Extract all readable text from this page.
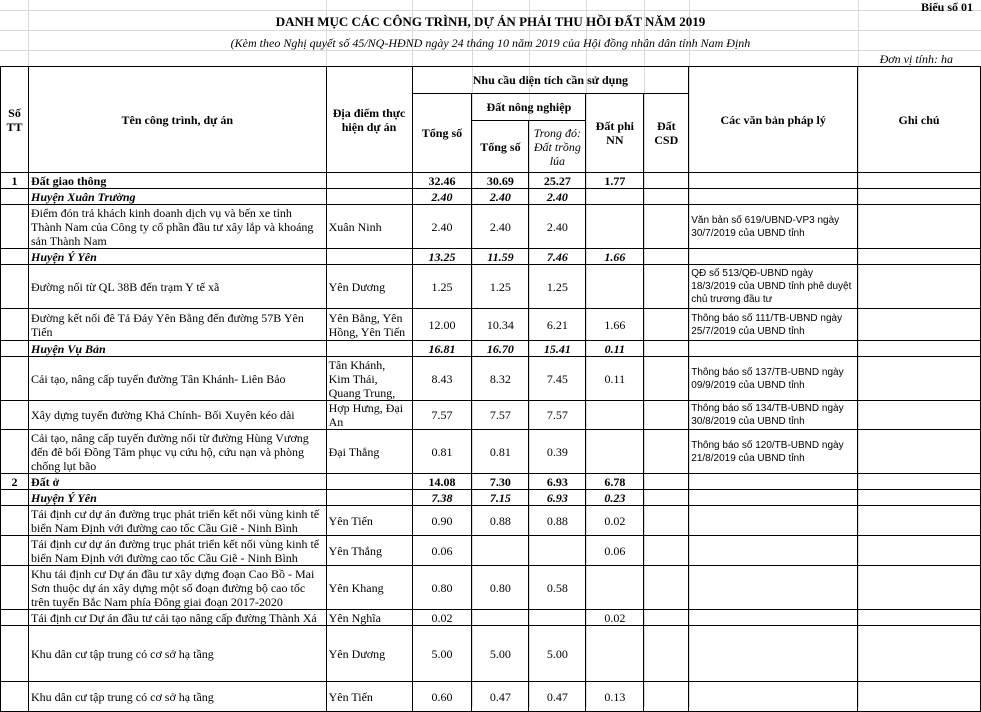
Biểu số 01
DANH MỤC CÁC CÔNG TRÌNH, DỰ ÁN PHẢI THU HỒI ĐẤT NĂM 2019
(Kèm theo Nghị quyết số 45/NQ-HĐND ngày 24 tháng 10 năm 2019 của Hội đồng nhân dân tỉnh Nam Định
Đơn vị tính: ha
Số TT	Tên công trình, dự án	Địa điểm thực hiện dự án	Nhu cầu diện tích cần sử dụng					Các văn bản pháp lý	Ghi chú
			Tổng số	Đất nông nghiệp		Đất phi NN	Đất CSD		
				Tổng số	Trong đó: Đất trồng lúa				
1	Đất giao thông		32.46	30.69	25.27	1.77			
	Huyện Xuân Trường		2.40	2.40	2.40				
	Điểm đón trả khách kinh doanh dịch vụ và bến xe tỉnh Thành Nam của Công ty cổ phần đầu tư xây lắp và khoáng sản Thành Nam	Xuân Ninh	2.40	2.40	2.40			Văn bản số 619/UBND-VP3 ngày 30/7/2019 của UBND tỉnh	
	Huyện Ý Yên		13.25	11.59	7.46	1.66			
	Đường nối từ QL 38B đến trạm Y tế xã	Yên Dương	1.25	1.25	1.25			QĐ số 513/QĐ-UBND ngày 18/3/2019 của UBND tỉnh phê duyệt chủ trương đầu tư	
	Đường kết nối đê Tả Đáy Yên Bằng đến đường 57B Yên Tiến	Yên Bằng, Yên Hồng, Yên Tiến	12.00	10.34	6.21	1.66		Thông báo số 111/TB-UBND ngày 25/7/2019 của UBND tỉnh	
	Huyện Vụ Bản		16.81	16.70	15.41	0.11			
	Cải tạo, nâng cấp tuyến đường Tân Khánh- Liên Bảo	Tân Khánh, Kim Thái, Quang Trung,	8.43	8.32	7.45	0.11		Thông báo số 137/TB-UBND ngày 09/9/2019 của UBND tỉnh	
	Xây dựng tuyến đường Khả Chính- Bối Xuyên kéo dài	Hợp Hưng, Đại An	7.57	7.57	7.57			Thông báo số 134/TB-UBND ngày 30/8/2019 của UBND tỉnh	
	Cải tạo, nâng cấp tuyến đường nối từ đường Hùng Vương đến đê bối Đồng Tâm phục vụ cứu hộ, cứu nạn và phòng chống lụt bão	Đại Thắng	0.81	0.81	0.39			Thông báo số 120/TB-UBND ngày 21/8/2019 của UBND tỉnh	
2	Đất ở		14.08	7.30	6.93	6.78			
	Huyện Ý Yên		7.38	7.15	6.93	0.23			
	Tái định cư dự án đường trục phát triển kết nối vùng kinh tế biển Nam Định với đường cao tốc Cầu Giẽ - Ninh Bình	Yên Tiến	0.90	0.88	0.88	0.02			
	Tái định cư dự án đường trục phát triển kết nối vùng kinh tế biển Nam Định với đường cao tốc Cầu Giẽ - Ninh Bình	Yên Thắng	0.06			0.06			
	Khu tái định cư Dự án đầu tư xây dựng đoạn Cao Bồ - Mai Sơn thuộc dự án xây dựng một số đoạn đường bộ cao tốc trên tuyến Bắc Nam phía Đông giai đoạn 2017-2020	Yên Khang	0.80	0.80	0.58				
	Tái định cư Dự án đầu tư cải tạo nâng cấp đường Thành Xá	Yên Nghĩa	0.02			0.02			
	Khu dân cư tập trung có cơ sở hạ tầng	Yên Dương	5.00	5.00	5.00				
	Khu dân cư tập trung có cơ sở hạ tầng	Yên Tiến	0.60	0.47	0.47	0.13			
